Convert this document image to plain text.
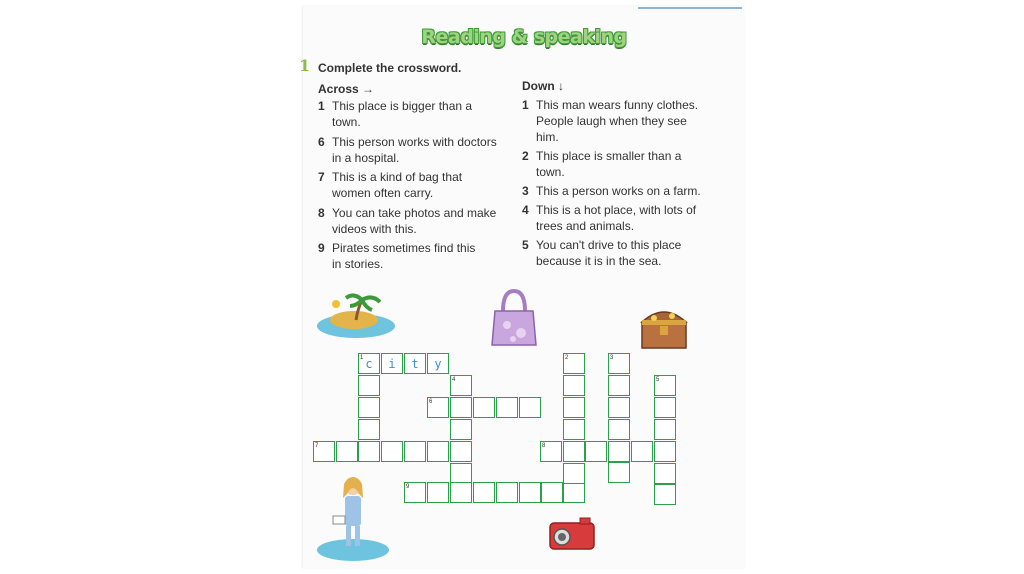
Reading & speaking
1 Complete the crossword.
Across →	Down ↓
1 This place is bigger than a town.
6 This person works with doctors in a hospital.
7 This is a kind of bag that women often carry.
8 You can take photos and make videos with this.
9 Pirates sometimes find this in stories.
1 This man wears funny clothes. People laugh when they see him.
2 This place is smaller than a town.
3 This a person works on a farm.
4 This is a hot place, with lots of trees and animals.
5 You can't drive to this place because it is in the sea.
1 c	i	t	y
4
6
7
9
2	3
8
5
